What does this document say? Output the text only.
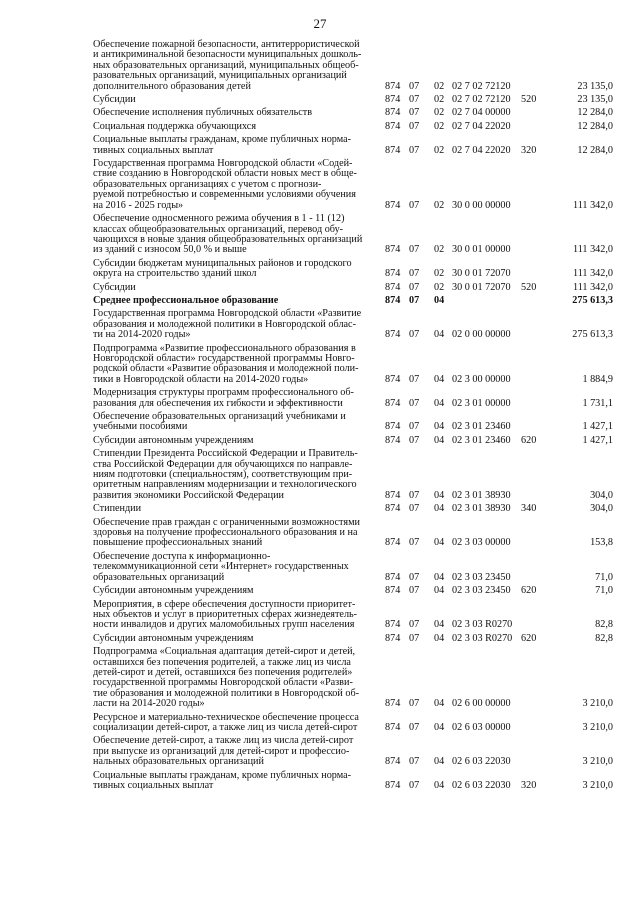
27
Обеспечение пожарной безопасности, антитеррористической
и антикриминальной безопасности муниципальных дошколь-
ных образовательных организаций, муниципальных общеоб-
разовательных организаций, муниципальных организаций
дополнительного образования детей	874 07 02 02 7 02 72120	23 135,0
Субсидии	874 07 02 02 7 02 72120 520	23 135,0
Обеспечение исполнения публичных обязательств	874 07 02 02 7 04 00000	12 284,0
Социальная поддержка обучающихся	874 07 02 02 7 04 22020	12 284,0
Социальные выплаты гражданам, кроме публичных норма-
тивных социальных выплат	874 07 02 02 7 04 22020 320	12 284,0
Государственная программа Новгородской области «Содей-
ствие созданию в Новгородской области новых мест в обще-
образовательных организациях с учетом с прогнози-
руемой потребностью и современными условиями обучения
на 2016 - 2025 годы»	874 07 02 30 0 00 00000	111 342,0
Обеспечение односменного режима обучения в 1 - 11 (12)
классах общеобразовательных организаций, перевод обу-
чающихся в новые здания общеобразовательных организаций
из зданий с износом 50,0 % и выше	874 07 02 30 0 01 00000	111 342,0
Субсидии бюджетам муниципальных районов и городского
округа на строительство зданий школ	874 07 02 30 0 01 72070	111 342,0
Субсидии	874 07 02 30 0 01 72070 520	111 342,0
Среднее профессиональное образование	874 07 04	275 613,3
Государственная программа Новгородской области «Развитие
образования и молодежной политики в Новгородской облас-
ти на 2014-2020 годы»	874 07 04 02 0 00 00000	275 613,3
Подпрограмма «Развитие профессионального образования в
Новгородской области» государственной программы Новго-
родской области «Развитие образования и молодежной поли-
тики в Новгородской области на 2014-2020 годы»	874 07 04 02 3 00 00000	1 884,9
Модернизация структуры программ профессионального об-
разования для обеспечения их гибкости и эффективности	874 07 04 02 3 01 00000	1 731,1
Обеспечение образовательных организаций учебниками и
учебными пособиями	874 07 04 02 3 01 23460	1 427,1
Субсидии автономным учреждениям	874 07 04 02 3 01 23460 620	1 427,1
Стипендии Президента Российской Федерации и Правитель-
ства Российской Федерации для обучающихся по направле-
ниям подготовки (специальностям), соответствующим при-
оритетным направлениям модернизации и технологического
развития экономики Российской Федерации	874 07 04 02 3 01 38930	304,0
Стипендии	874 07 04 02 3 01 38930 340	304,0
Обеспечение прав граждан с ограниченными возможностями
здоровья на получение профессионального образования и на
повышение профессиональных знаний	874 07 04 02 3 03 00000	153,8
Обеспечение доступа к информационно-
телекоммуникационной сети «Интернет» государственных
образовательных организаций	874 07 04 02 3 03 23450	71,0
Субсидии автономным учреждениям	874 07 04 02 3 03 23450 620	71,0
Мероприятия, в сфере обеспечения доступности приоритет-
ных объектов и услуг в приоритетных сферах жизнедеятель-
ности инвалидов и других маломобильных групп населения	874 07 04 02 3 03 R0270	82,8
Субсидии автономным учреждениям	874 07 04 02 3 03 R0270 620	82,8
Подпрограмма «Социальная адаптация детей-сирот и детей,
оставшихся без попечения родителей, а также лиц из числа
детей-сирот и детей, оставшихся без попечения родителей»
государственной программы Новгородской области «Разви-
тие образования и молодежной политики в Новгородской об-
ласти на 2014-2020 годы»	874 07 04 02 6 00 00000	3 210,0
Ресурсное и материально-техническое обеспечение процесса
социализации детей-сирот, а также лиц из числа детей-сирот	874 07 04 02 6 03 00000	3 210,0
Обеспечение детей-сирот, а также лиц из числа детей-сирот
при выпуске из организаций для детей-сирот и профессио-
нальных образовательных организаций	874 07 04 02 6 03 22030	3 210,0
Социальные выплаты гражданам, кроме публичных норма-
тивных социальных выплат	874 07 04 02 6 03 22030 320	3 210,0
